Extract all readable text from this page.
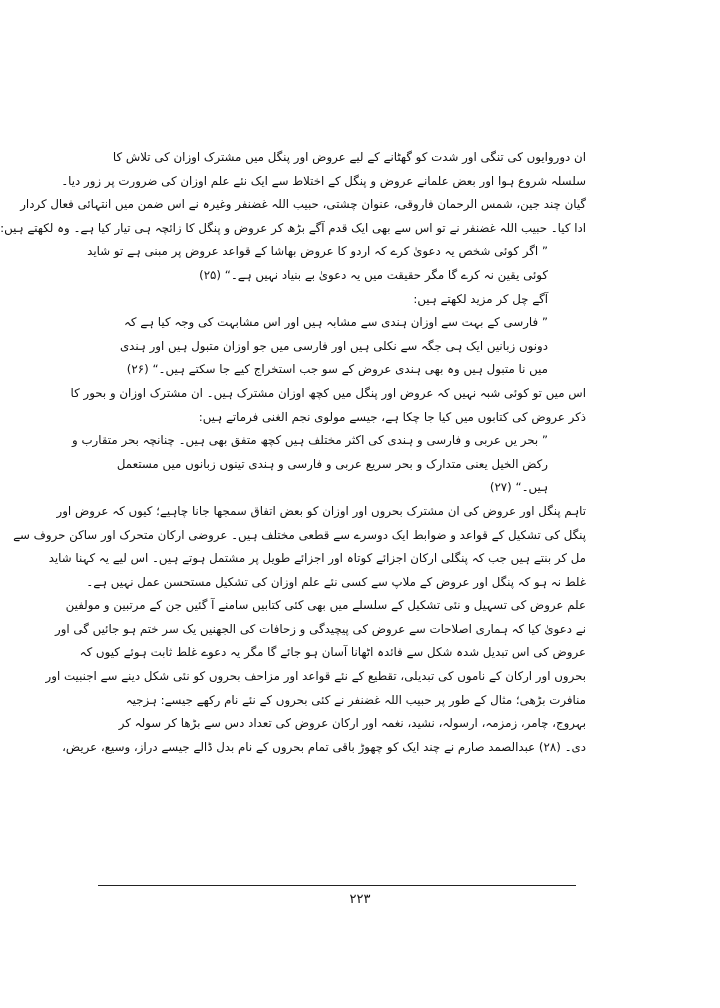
ان دوروایوں کی تنگی اور شدت کو گھٹانے کے لیے عروض اور پنگل میں مشترک اوزان کی تلاش کا
سلسلہ شروع ہوا اور بعض علمانے عروض و پنگل کے اختلاط سے ایک نئے علم اوزان کی ضرورت پر زور دیا۔
گیان چند جین، شمس الرحمان فاروقی، عنوان چشتی، حبیب اللہ غضنفر وغیرہ نے اس ضمن میں انتہائی فعال کردار
ادا کیا۔ حبیب اللہ غضنفر نے تو اس سے بھی ایک قدم آگے بڑھ کر عروض و پنگل کا زائچہ ہی تیار کیا ہے۔ وہ لکھتے ہیں:
” اگر کوئی شخص یہ دعویٰ کرے کہ اردو کا عروض بھاشا کے قواعد عروض پر مبنی ہے تو شاید
کوئی یقین نہ کرے گا مگر حقیقت میں یہ دعویٰ بے بنیاد نہیں ہے۔“ (۲۵)
آگے چل کر مزید لکھتے ہیں:
” فارسی کے بہت سے اوزان ہندی سے مشابہ ہیں اور اس مشابہت کی وجہ کیا ہے کہ
دونوں زبانیں ایک ہی جگہ سے نکلی ہیں اور فارسی میں جو اوزان متبول ہیں اور ہندی
میں نا متبول ہیں وہ بھی ہندی عروض کے سو جب استخراج کیے جا سکتے ہیں۔“ (۲۶)
اس میں تو کوئی شبہ نہیں کہ عروض اور پنگل میں کچھ اوزان مشترک ہیں۔ ان مشترک اوزان و بحور کا
ذکر عروض کی کتابوں میں کیا جا چکا ہے، جیسے مولوی نجم الغنی فرماتے ہیں:
” بحر یں عربی و فارسی و ہندی کی اکثر مختلف ہیں کچھ متفق بھی ہیں۔ چنانچہ بحر متقارب و
رکض الخیل یعنی متدارک و بحر سریع عربی و فارسی و ہندی تینوں زبانوں میں مستعمل
ہیں۔“ (۲۷)
تاہم پنگل اور عروض کی ان مشترک بحروں اور اوزان کو بعض اتفاق سمجھا جانا چاہیے؛ کیوں کہ عروض اور
پنگل کی تشکیل کے قواعد و ضوابط ایک دوسرے سے قطعی مختلف ہیں۔ عروضی ارکان متحرک اور ساکن حروف سے
مل کر بنتے ہیں جب کہ پنگلی ارکان اجزائے کوتاہ اور اجزائے طویل پر مشتمل ہوتے ہیں۔ اس لیے یہ کہنا شاید
غلط نہ ہو کہ پنگل اور عروض کے ملاپ سے کسی نئے علم اوزان کی تشکیل مستحسن عمل نہیں ہے۔
علم عروض کی تسہیل و نئی تشکیل کے سلسلے میں بھی کئی کتابیں سامنے آ گئیں جن کے مرتبین و مولفین
نے دعویٰ کیا کہ ہماری اصلاحات سے عروض کی پیچیدگی و زحافات کی الجھنیں یک سر ختم ہو جائیں گی اور
عروض کی اس تبدیل شدہ شکل سے فائدہ اٹھانا آسان ہو جائے گا مگر یہ دعوے غلط ثابت ہوئے کیوں کہ
بحروں اور ارکان کے ناموں کی تبدیلی، تقطیع کے نئے قواعد اور مزاحف بحروں کو نئی شکل دینے سے اجنبیت اور
منافرت بڑھی؛ مثال کے طور پر حبیب اللہ غضنفر نے کئی بحروں کے نئے نام رکھے جیسے: ہزجیہ
بہروج، چامر، زمزمہ، ارسولہ، نشید، نغمہ اور ارکان عروض کی تعداد دس سے بڑھا کر سولہ کر
دی۔ (۲۸) عبدالصمد صارم نے چند ایک کو چھوڑ باقی تمام بحروں کے نام بدل ڈالے جیسے دراز، وسیع، عریض،
۲۲۳
